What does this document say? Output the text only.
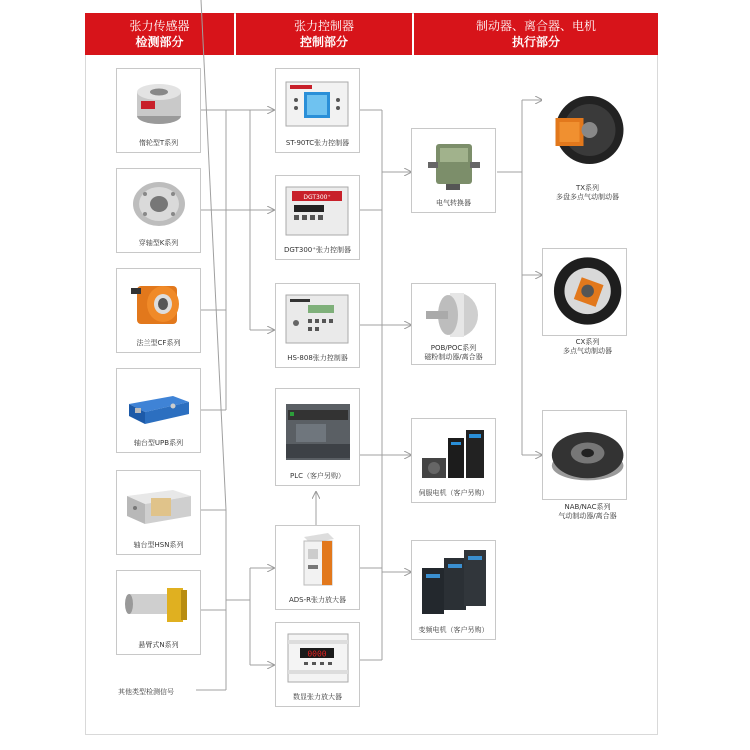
张力传感器
检测部分
张力控制器
控制部分
制动器、离合器、电机
执行部分
惰轮型T系列
穿轴型K系列
法兰型CF系列
轴台型UPB系列
轴台型HSN系列
悬臂式N系列
其他类型检测信号
ST-90TC张力控制器
DGT300⁺
DGT300⁺张力控制器
HS-808张力控制器
PLC（客户另购）
ADS-R张力放大器
0000
数显张力放大器
电气转换器
POB/POC系列
磁粉制动器/离合器
伺服电机（客户另购）
变频电机（客户另购）
TX系列
多盘多点气动制动器
CX系列
多点气动制动器
NAB/NAC系列
气动制动器/离合器
